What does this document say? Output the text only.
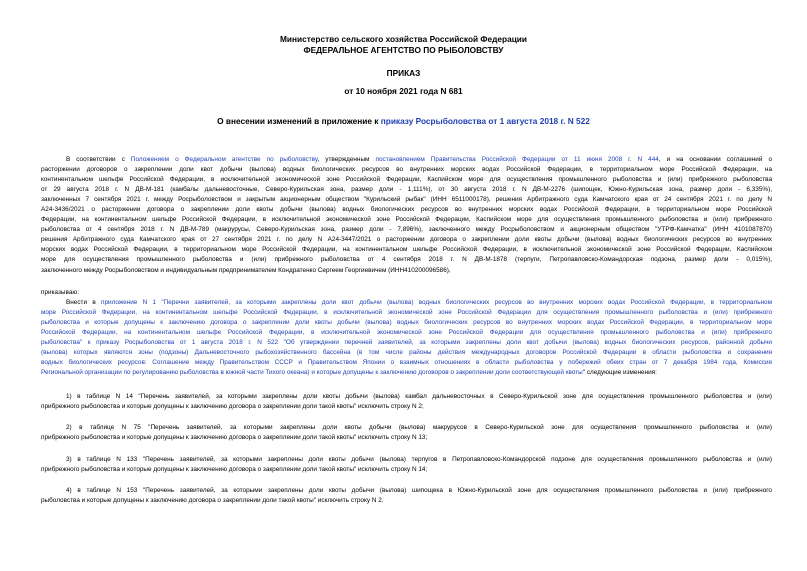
Министерство сельского хозяйства Российской Федерации
ФЕДЕРАЛЬНОЕ АГЕНТСТВО ПО РЫБОЛОВСТВУ
ПРИКАЗ
от 10 ноября 2021 года N 681
О внесении изменений в приложение к приказу Росрыболовства от 1 августа 2018 г. N 522
В соответствии с Положением о Федеральном агентстве по рыболовству, утвержденным постановлением Правительства Российской Федерации от 11 июня 2008 г. N 444, и на основании соглашений о
расторжении договоров о закреплении доли квот добычи (вылова) водных биологических ресурсов во внутренних морских водах Российской Федерации, в территориальном море Российской Федерации, на
континентальном шельфе Российской Федерации, в исключительной экономической зоне Российской Федерации, Каспийском море для осуществления промышленного рыболовства и (или) прибрежного рыболовства
от 29 августа 2018 г. N ДВ-М-181 (камбалы дальневосточные, Северо-Курильская зона, размер доли - 1,111%), от 30 августа 2018 г. N ДВ-М-2276 (шипощек, Южно-Курильская зона, размер доли - 6,335%),
заключенных 7 сентября 2021 г. между Росрыболовством и закрытым акционерным обществом "Курильский рыбак" (ИНН 6511000178), решения Арбитражного суда Камчатского края от 24 сентября 2021 г. по делу N
А24-3436/2021 о расторжении договора о закреплении доли квоты добычи (вылова) водных биологических ресурсов во внутренних морских водах Российской Федерации, в территориальном море Российской
Федерации, на континентальном шельфе Российской Федерации, в исключительной экономической зоне Российской Федерации, Каспийском море для осуществления промышленного рыболовства и (или) прибрежного
рыболовства от 4 сентября 2018 г. N ДВ-М-789 (макрурусы, Северо-Курильская зона, размер доли - 7,896%), заключенного между Росрыболовством и акционерным обществом "УТРФ-Камчатка" (ИНН 4101087870)
решения Арбитражного суда Камчатского края от 27 сентября 2021 г. по делу N А24-3447/2021 о расторжении договора о закреплении доли квоты добычи (вылова) водных биологических ресурсов во внутренних
морских водах Российской Федерации, в территориальном море Российской Федерации, на континентальном шельфе Российской Федерации, в исключительной экономической зоне Российской Федерации, Каспийском
море для осуществления промышленного рыболовства и (или) прибрежного рыболовства от 4 сентября 2018 г. N ДВ-М-1878 (терпуги, Петропавловско-Командорская подзона, размер доли - 0,015%),
заключенного между Росрыболовством и индивидуальным предпринимателем Кондратенко Сергеем Георгиевичем (ИНН410200096586),
приказываю:
Внести в приложение N 1 "Перечни заявителей, за которыми закреплены доли квот добычи (вылова) водных биологических ресурсов во внутренних морских водах Российской Федерации, в территориальном
море Российской Федерации, на континентальном шельфе Российской Федерации, в исключительной экономической зоне Российской Федерации для осуществления промышленного рыболовства и (или) прибрежного
рыболовства и которые допущены к заключению договора о закреплении доли квоты добычи (вылова) водных биологических ресурсов во внутренних морских водах Российской Федерации, в территориальном море
Российской Федерации, на континентальном шельфе Российской Федерации, в исключительной экономической зоне Российской Федерации для осуществления промышленного рыболовства и (или) прибрежного
рыболовства" к приказу Росрыболовства от 1 августа 2018 г. N 522 "Об утверждении перечней заявителей, за которыми закреплены доли квот добычи (вылова) водных биологических ресурсов, районной добычи
(вылова) которых являются зоны (подзоны) Дальневосточного рыбохозяйственного бассейна (в том числе районы действия международных договоров Российской Федерации в области рыболовства и сохранения
водных биологических ресурсов: Соглашение между Правительством СССР и Правительством Японии о взаимных отношениях в области рыболовства у побережий обеих стран от 7 декабря 1984 года, Комиссия
Региональной организации по регулированию рыболовства в южной части Тихого океана) и которые допущены к заключению договоров о закреплении доли соответствующей квоты" следующие изменения:
1) в таблице N 14 "Перечень заявителей, за которыми закреплены доли квоты добычи (вылова) камбал дальневосточных в Северо-Курильской зоне для осуществления промышленного рыболовства и (или)
прибрежного рыболовства и которые допущены к заключению договора о закреплении доли такой квоты" исключить строку N 2;
2) в таблице N 75 "Перечень заявителей, за которыми закреплены доли квоты добычи (вылова) макрурусов в Северо-Курильской зоне для осуществления промышленного рыболовства и (или)
прибрежного рыболовства и которые допущены к заключению договора о закреплении доли такой квоты" исключить строку N 13;
3) в таблице N 133 "Перечень заявителей, за которыми закреплены доли квоты добычи (вылова) терпугов в Петропавловско-Командорской подзоне для осуществления промышленного рыболовства и (или)
прибрежного рыболовства и которые допущены к заключению договора о закреплении доли такой квоты" исключить строку N 14;
4) в таблице N 153 "Перечень заявителей, за которыми закреплены доли квоты добычи (вылова) шипощека в Южно-Курильской зоне для осуществления промышленного рыболовства и (или) прибрежного
рыболовства и которые допущены к заключению договора о закреплении доли такой квоты" исключить строку N 2.
